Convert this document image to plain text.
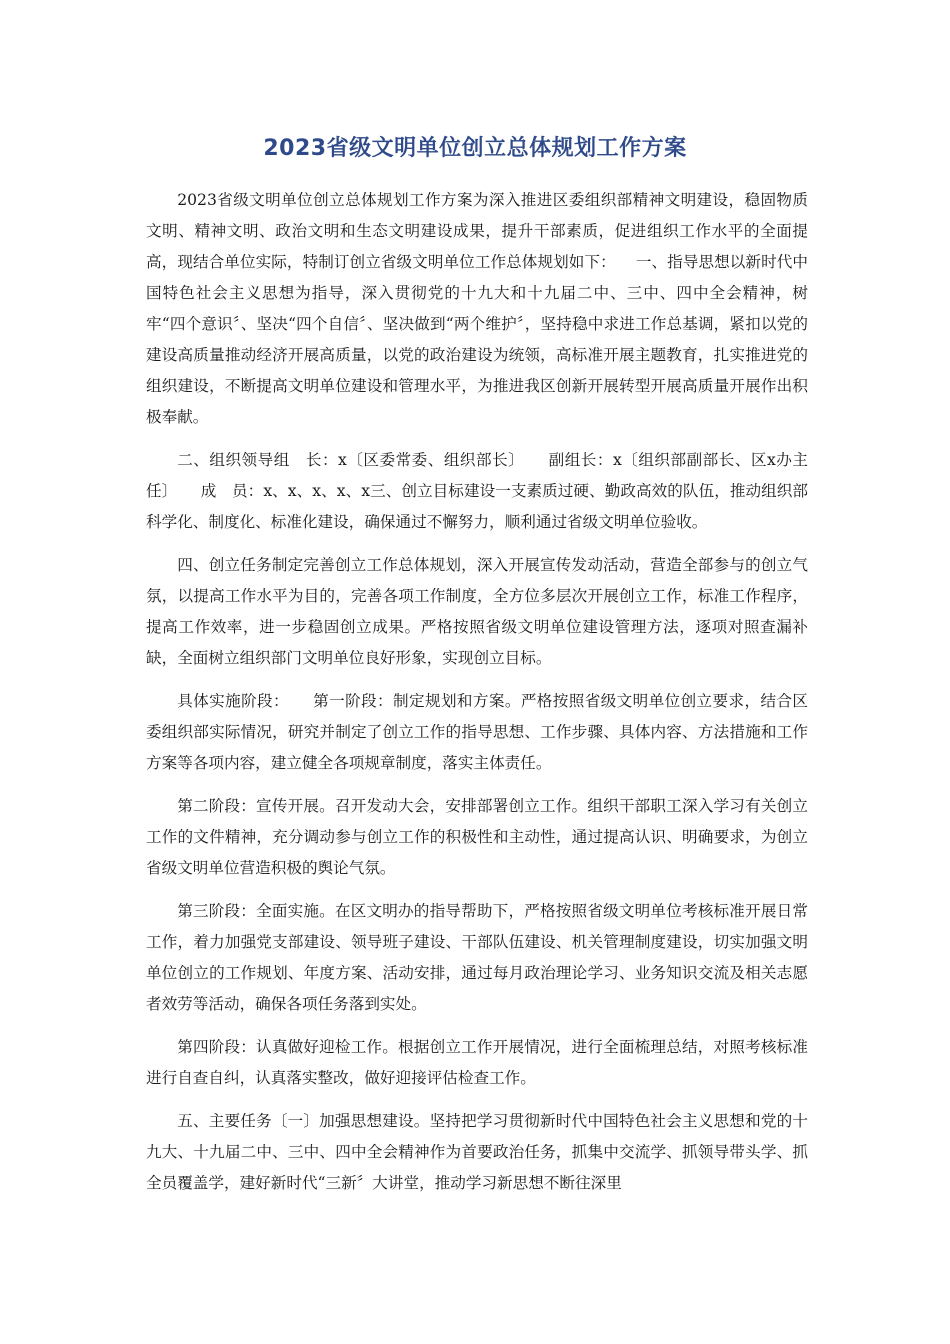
2023省级文明单位创立总体规划工作方案

2023省级文明单位创立总体规划工作方案为深入推进区委组织部精神文明建设，稳固物质文明、精神文明、政治文明和生态文明建设成果，提升干部素质，促进组织工作水平的全面提高，现结合单位实际，特制订创立省级文明单位工作总体规划如下：    一、指导思想以新时代中国特色社会主义思想为指导，深入贯彻党的十九大和十九届二中、三中、四中全会精神，树牢“四个意识〞、坚决“四个自信〞、坚决做到“两个维护〞，坚持稳中求进工作总基调，紧扣以党的建设高质量推动经济开展高质量，以党的政治建设为统领，高标准开展主题教育，扎实推进党的组织建设，不断提高文明单位建设和管理水平，为推进我区创新开展转型开展高质量开展作出积极奉献。

二、组织领导组　长：x〔区委常委、组织部长〕　　副组长：x〔组织部副部长、区x办主任〕　　成　员：x、x、x、x、x三、创立目标建设一支素质过硬、勤政高效的队伍，推动组织部科学化、制度化、标准化建设，确保通过不懈努力，顺利通过省级文明单位验收。

四、创立任务制定完善创立工作总体规划，深入开展宣传发动活动，营造全部参与的创立气氛，以提高工作水平为目的，完善各项工作制度，全方位多层次开展创立工作，标准工作程序，提高工作效率，进一步稳固创立成果。严格按照省级文明单位建设管理方法，逐项对照查漏补缺，全面树立组织部门文明单位良好形象，实现创立目标。

具体实施阶段：　　第一阶段：制定规划和方案。严格按照省级文明单位创立要求，结合区委组织部实际情况，研究并制定了创立工作的指导思想、工作步骤、具体内容、方法措施和工作方案等各项内容，建立健全各项规章制度，落实主体责任。

第二阶段：宣传开展。召开发动大会，安排部署创立工作。组织干部职工深入学习有关创立工作的文件精神，充分调动参与创立工作的积极性和主动性，通过提高认识、明确要求，为创立省级文明单位营造积极的舆论气氛。

第三阶段：全面实施。在区文明办的指导帮助下，严格按照省级文明单位考核标准开展日常工作，着力加强党支部建设、领导班子建设、干部队伍建设、机关管理制度建设，切实加强文明单位创立的工作规划、年度方案、活动安排，通过每月政治理论学习、业务知识交流及相关志愿者效劳等活动，确保各项任务落到实处。

第四阶段：认真做好迎检工作。根据创立工作开展情况，进行全面梳理总结，对照考核标准进行自查自纠，认真落实整改，做好迎接评估检查工作。

五、主要任务〔一〕加强思想建设。坚持把学习贯彻新时代中国特色社会主义思想和党的十九大、十九届二中、三中、四中全会精神作为首要政治任务，抓集中交流学、抓领导带头学、抓全员覆盖学，建好新时代“三新〞大讲堂，推动学习新思想不断往深里
